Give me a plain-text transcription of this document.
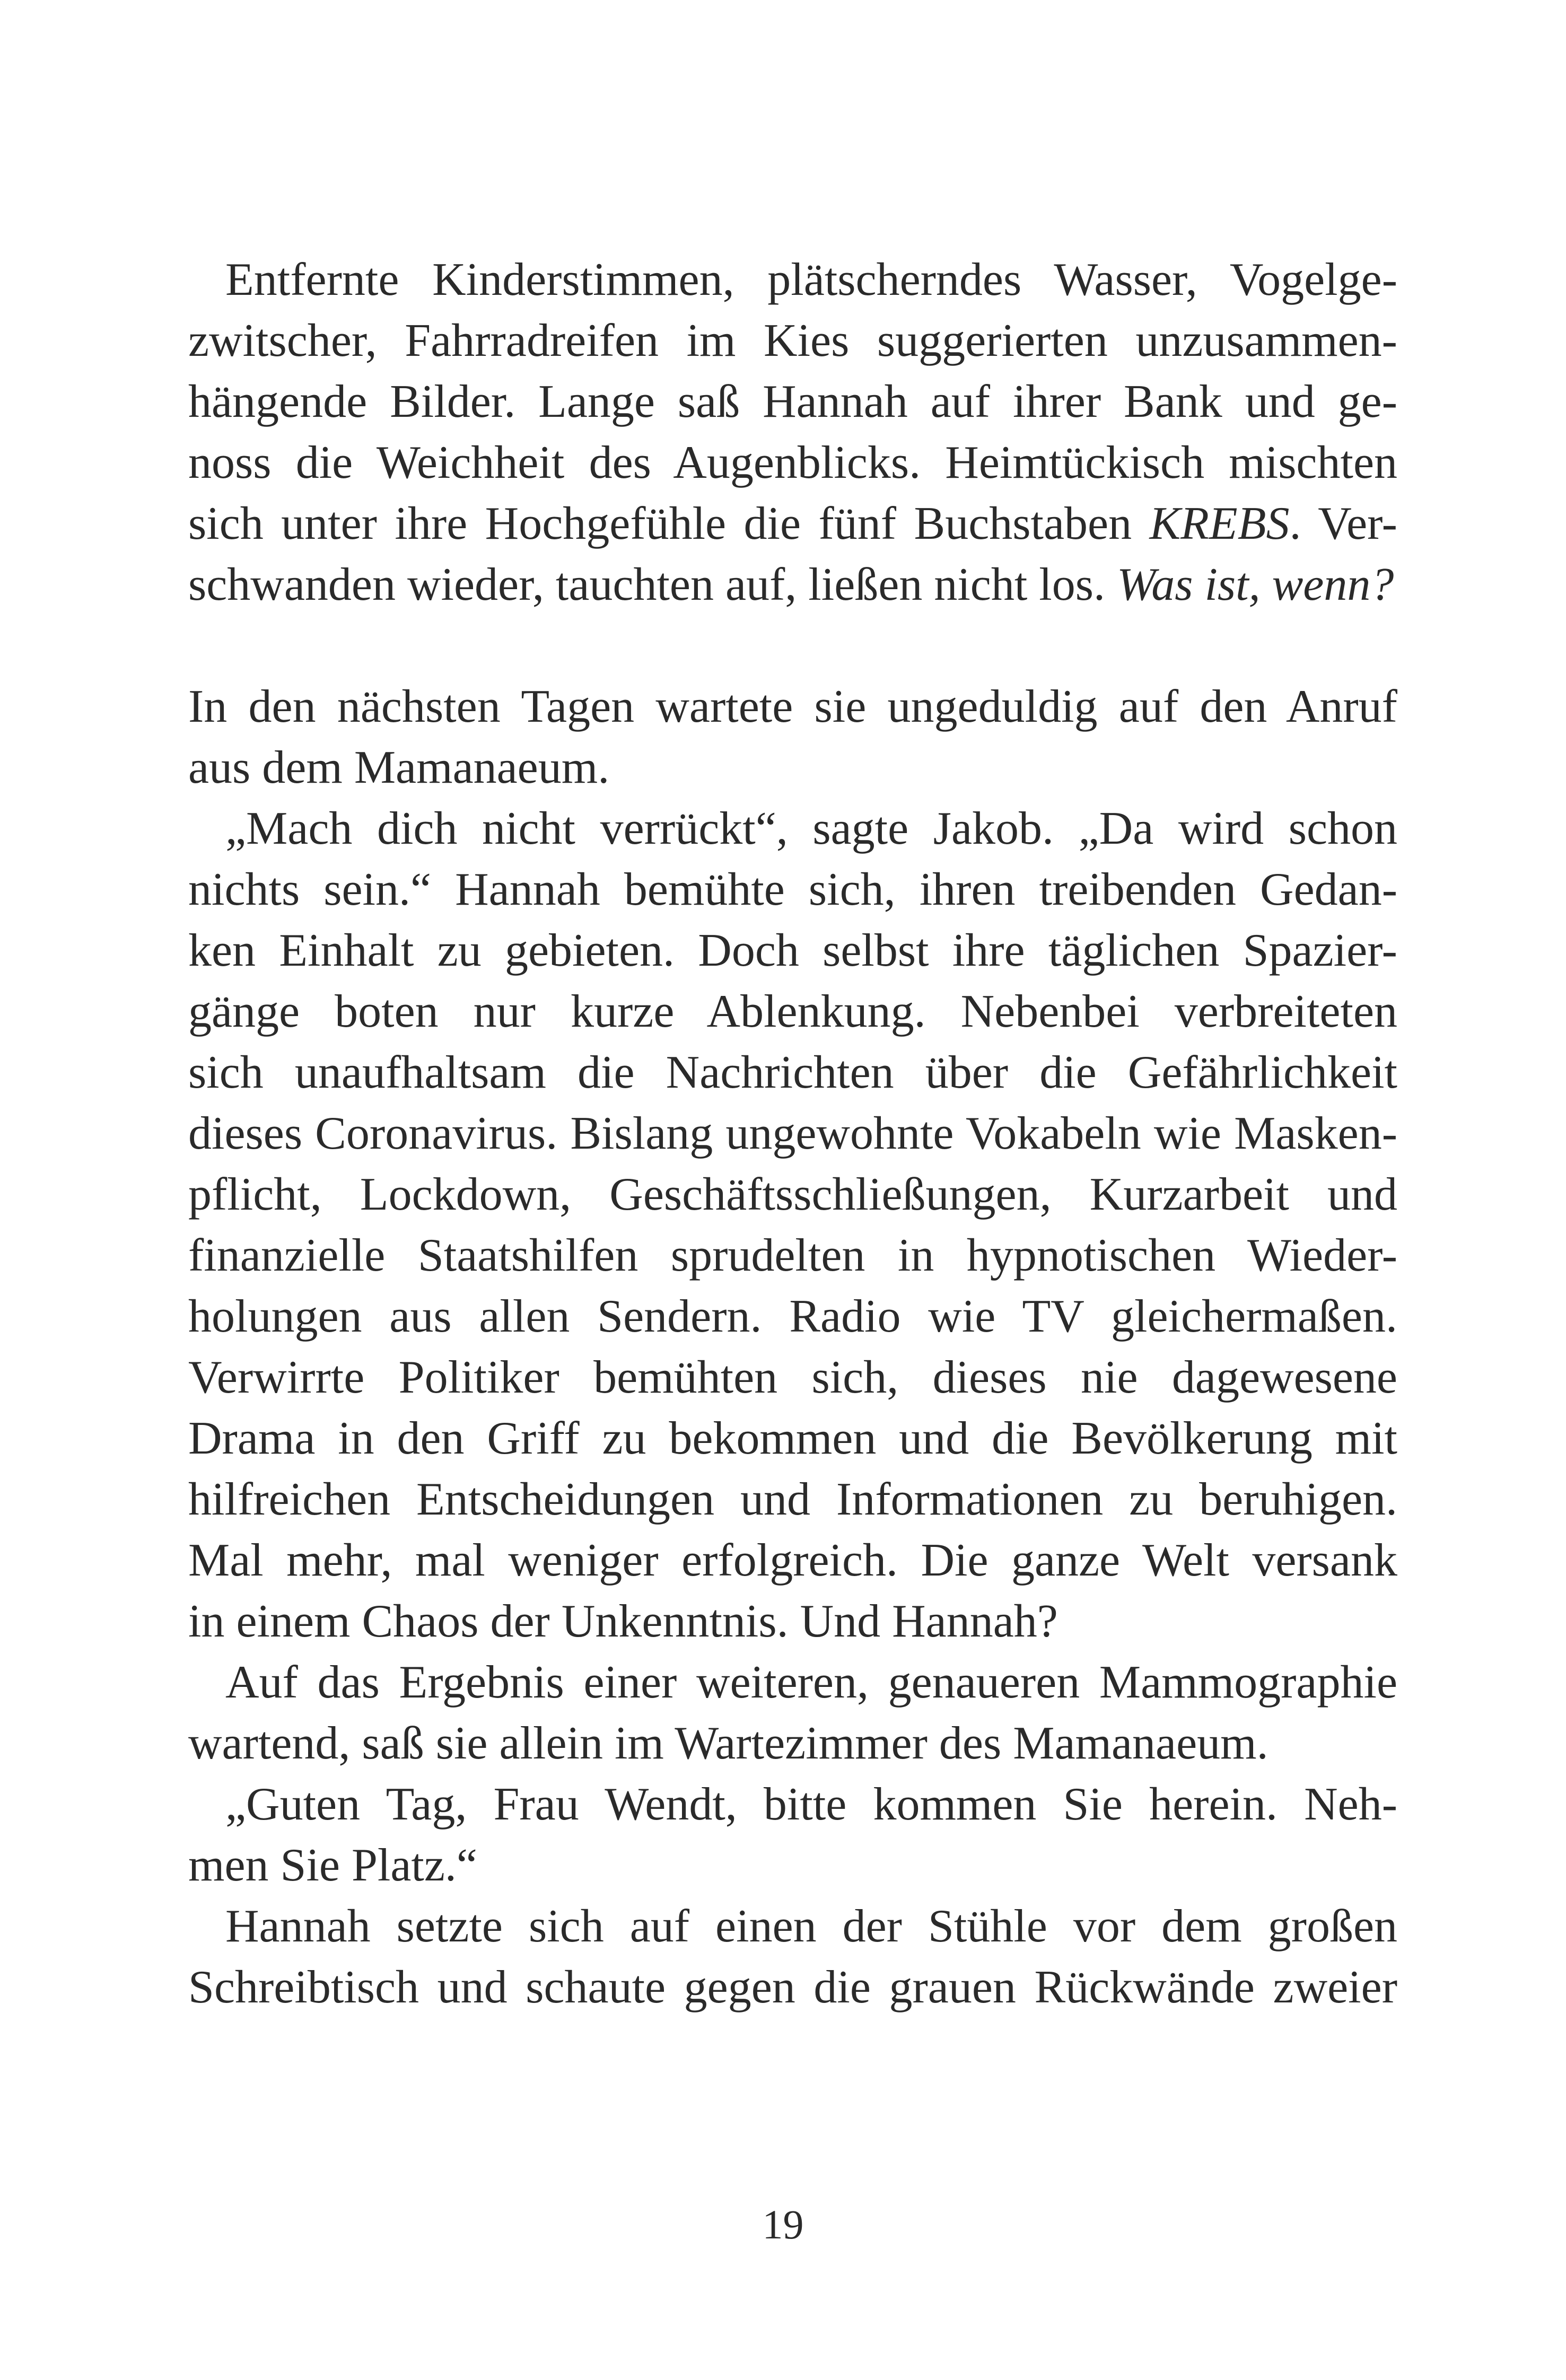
Entfernte Kinderstimmen, plätscherndes Wasser, Vogelge-
zwitscher, Fahrradreifen im Kies suggerierten unzusammen-
hängende Bilder. Lange saß Hannah auf ihrer Bank und ge-
noss die Weichheit des Augenblicks. Heimtückisch mischten
sich unter ihre Hochgefühle die fünf Buchstaben KREBS. Ver-
schwanden wieder, tauchten auf, ließen nicht los. Was ist, wenn?
In den nächsten Tagen wartete sie ungeduldig auf den Anruf
aus dem Mamanaeum.
„Mach dich nicht verrückt“, sagte Jakob. „Da wird schon
nichts sein.“ Hannah bemühte sich, ihren treibenden Gedan-
ken Einhalt zu gebieten. Doch selbst ihre täglichen Spazier-
gänge boten nur kurze Ablenkung. Nebenbei verbreiteten
sich unaufhaltsam die Nachrichten über die Gefährlichkeit
dieses Coronavirus. Bislang ungewohnte Vokabeln wie Masken-
pflicht, Lockdown, Geschäftsschließungen, Kurzarbeit und
finanzielle Staatshilfen sprudelten in hypnotischen Wieder-
holungen aus allen Sendern. Radio wie TV gleichermaßen.
Verwirrte Politiker bemühten sich, dieses nie dagewesene
Drama in den Griff zu bekommen und die Bevölkerung mit
hilfreichen Entscheidungen und Informationen zu beruhigen.
Mal mehr, mal weniger erfolgreich. Die ganze Welt versank
in einem Chaos der Unkenntnis. Und Hannah?
Auf das Ergebnis einer weiteren, genaueren Mammographie
wartend, saß sie allein im Wartezimmer des Mamanaeum.
„Guten Tag, Frau Wendt, bitte kommen Sie herein. Neh-
men Sie Platz.“
Hannah setzte sich auf einen der Stühle vor dem großen
Schreibtisch und schaute gegen die grauen Rückwände zweier
19
